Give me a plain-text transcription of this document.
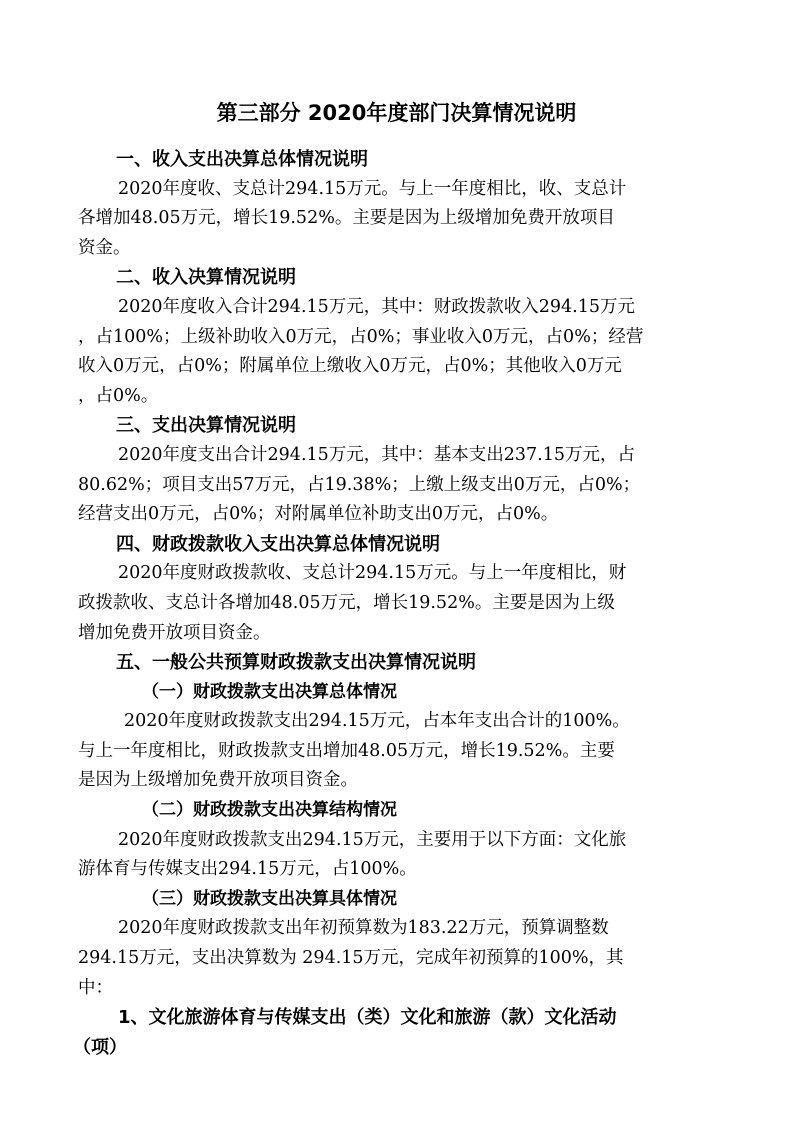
第三部分 2020年度部门决算情况说明
一、收入支出决算总体情况说明
2020年度收、支总计294.15万元。与上一年度相比，收、支总计
各增加48.05万元，增长19.52%。主要是因为上级增加免费开放项目
资金。
二、收入决算情况说明
2020年度收入合计294.15万元，其中：财政拨款收入294.15万元
，占100%；上级补助收入0万元，占0%；事业收入0万元，占0%；经营
收入0万元，占0%；附属单位上缴收入0万元，占0%；其他收入0万元
，占0%。
三、支出决算情况说明
2020年度支出合计294.15万元，其中：基本支出237.15万元，占
80.62%；项目支出57万元，占19.38%；上缴上级支出0万元，占0%；
经营支出0万元，占0%；对附属单位补助支出0万元，占0%。
四、财政拨款收入支出决算总体情况说明
2020年度财政拨款收、支总计294.15万元。与上一年度相比，财
政拨款收、支总计各增加48.05万元，增长19.52%。主要是因为上级
增加免费开放项目资金。
五、一般公共预算财政拨款支出决算情况说明
（一）财政拨款支出决算总体情况
2020年度财政拨款支出294.15万元，占本年支出合计的100%。
与上一年度相比，财政拨款支出增加48.05万元，增长19.52%。主要
是因为上级增加免费开放项目资金。
（二）财政拨款支出决算结构情况
2020年度财政拨款支出294.15万元，主要用于以下方面：文化旅
游体育与传媒支出294.15万元，占100%。
（三）财政拨款支出决算具体情况
2020年度财政拨款支出年初预算数为183.22万元，预算调整数
294.15万元，支出决算数为 294.15万元，完成年初预算的100%，其
中：
1、文化旅游体育与传媒支出（类）文化和旅游（款）文化活动
（项）
